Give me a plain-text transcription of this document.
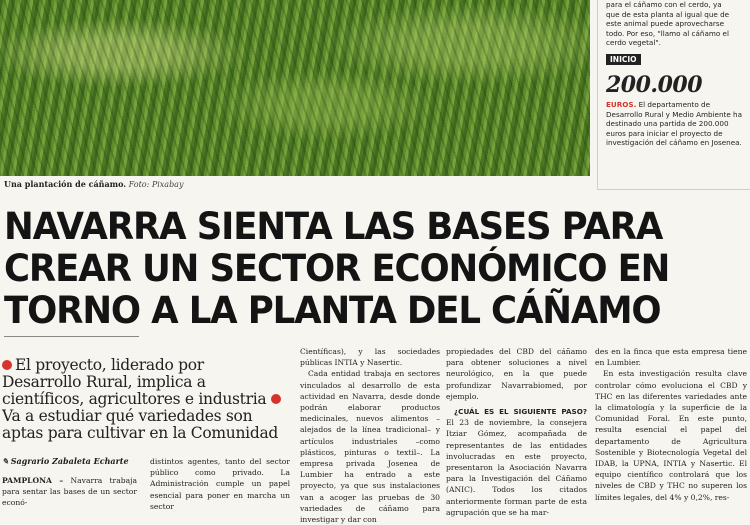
Una plantación de cáñamo. Foto: Pixabay
para el cáñamo con el cerdo, ya
que de esta planta al igual que de
este animal puede aprovecharse
todo. Por eso, "llamo al cáñamo el
cerdo vegetal".
INICIO
200.000
EUROS. El departamento de Desarrollo Rural y Medio Ambiente ha destinado una partida de 200.000 euros para iniciar el proyecto de investigación del cáñamo en Josenea.
NAVARRA SIENTA LAS BASES PARA
CREAR UN SECTOR ECONÓMICO EN
TORNO A LA PLANTA DEL CÁÑAMO
El proyecto, liderado por Desarrollo Rural, implica a científicos, agricultores e industria Va a estudiar qué variedades son aptas para cultivar en la Comunidad
✎ Sagrario Zabaleta Echarte

PAMPLONA – Navarra trabaja para sentar las bases de un sector econó-

distintos agentes, tanto del sector público como privado. La Administración cumple un papel esencial para poner en marcha un sector

Científicas), y las sociedades públicas INTIA y Nasertic.

Cada entidad trabaja en sectores vinculados al desarrollo de esta actividad en Navarra, desde donde podrán elaborar productos medicinales, nuevos alimentos –alejados de la línea tradicional– y artículos industriales –como plásticos, pinturas o textil–. La empresa privada Josenea de Lumbier ha entrado a este proyecto, ya que sus instalaciones van a acoger las pruebas de 30 variedades de cáñamo para investigar y dar con

propiedades del CBD del cáñamo para obtener soluciones a nivel neurológico, en la que puede profundizar Navarrabiomed, por ejemplo.

¿CUÁL ES EL SIGUIENTE PASO? El 23 de noviembre, la consejera Itziar Gómez, acompañada de representantes de las entidades involucradas en este proyecto, presentaron la Asociación Navarra para la Investigación del Cáñamo (ANIC). Todos los citados anteriormente forman parte de esta agrupación que se ha mar-

des en la finca que esta empresa tiene en Lumbier.

En esta investigación resulta clave controlar cómo evoluciona el CBD y THC en las diferentes variedades ante la climatología y la superficie de la Comunidad Foral. En este punto, resulta esencial el papel del departamento de Agricultura Sostenible y Biotecnología Vegetal del IDAB, la UPNA, INTIA y Nasertic. El equipo científico controlará que los niveles de CBD y THC no superen los límites legales, del 4% y 0,2%, res-
